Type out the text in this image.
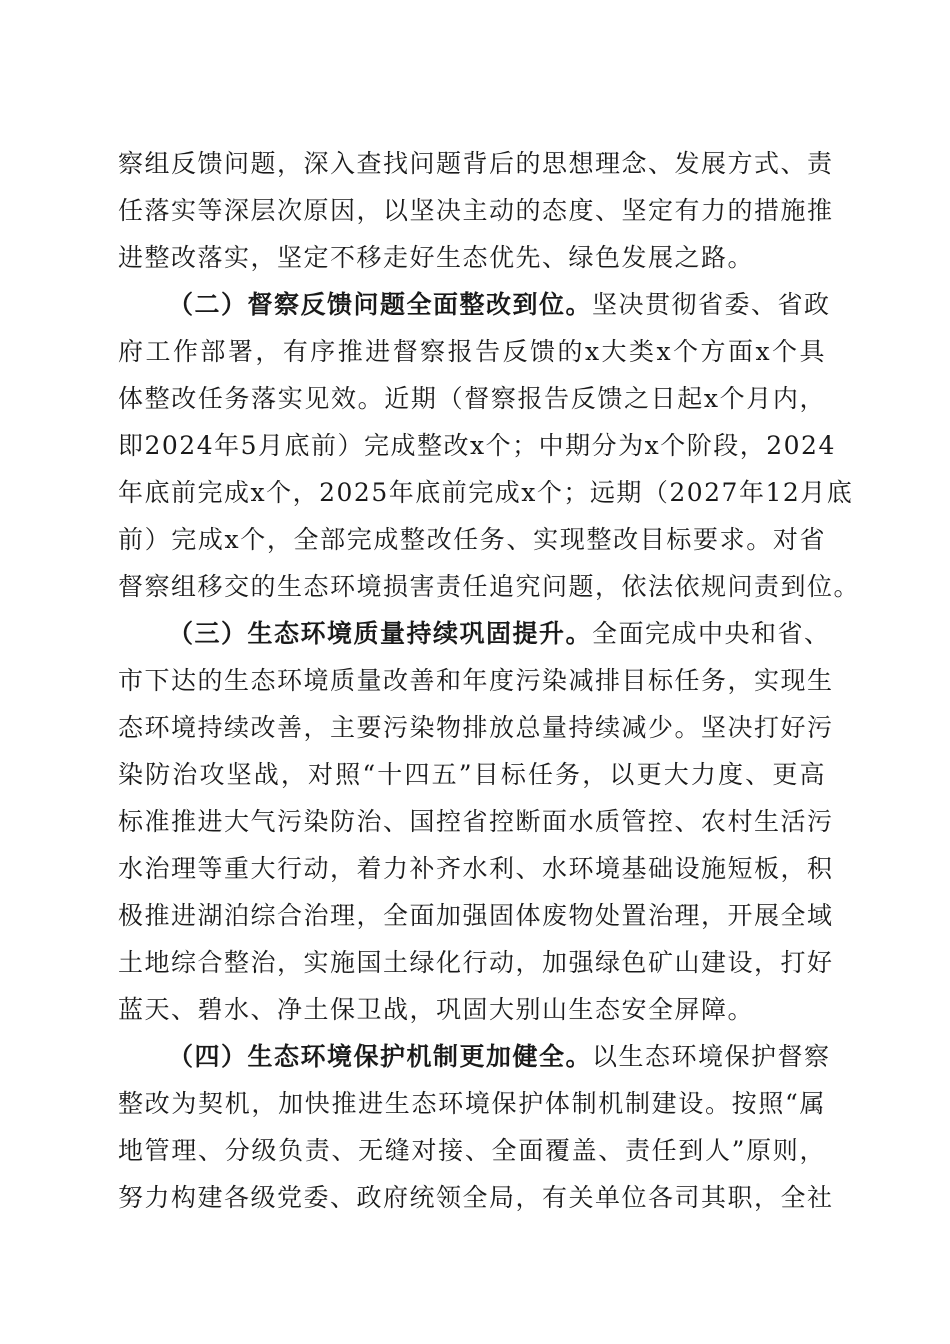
察组反馈问题，深入查找问题背后的思想理念、发展方式、责
任落实等深层次原因，以坚决主动的态度、坚定有力的措施推
进整改落实，坚定不移走好生态优先、绿色发展之路。
（二）督察反馈问题全面整改到位。坚决贯彻省委、省政
府工作部署，有序推进督察报告反馈的x大类x个方面x个具
体整改任务落实见效。近期（督察报告反馈之日起x个月内，
即2024年5月底前）完成整改x个；中期分为x个阶段，2024
年底前完成x个，2025年底前完成x个；远期（2027年12月底
前）完成x个，全部完成整改任务、实现整改目标要求。对省
督察组移交的生态环境损害责任追究问题，依法依规问责到位。
（三）生态环境质量持续巩固提升。全面完成中央和省、
市下达的生态环境质量改善和年度污染减排目标任务，实现生
态环境持续改善，主要污染物排放总量持续减少。坚决打好污
染防治攻坚战，对照“十四五”目标任务，以更大力度、更高
标准推进大气污染防治、国控省控断面水质管控、农村生活污
水治理等重大行动，着力补齐水利、水环境基础设施短板，积
极推进湖泊综合治理，全面加强固体废物处置治理，开展全域
土地综合整治，实施国土绿化行动，加强绿色矿山建设，打好
蓝天、碧水、净土保卫战，巩固大别山生态安全屏障。
（四）生态环境保护机制更加健全。以生态环境保护督察
整改为契机，加快推进生态环境保护体制机制建设。按照“属
地管理、分级负责、无缝对接、全面覆盖、责任到人”原则，
努力构建各级党委、政府统领全局，有关单位各司其职，全社
